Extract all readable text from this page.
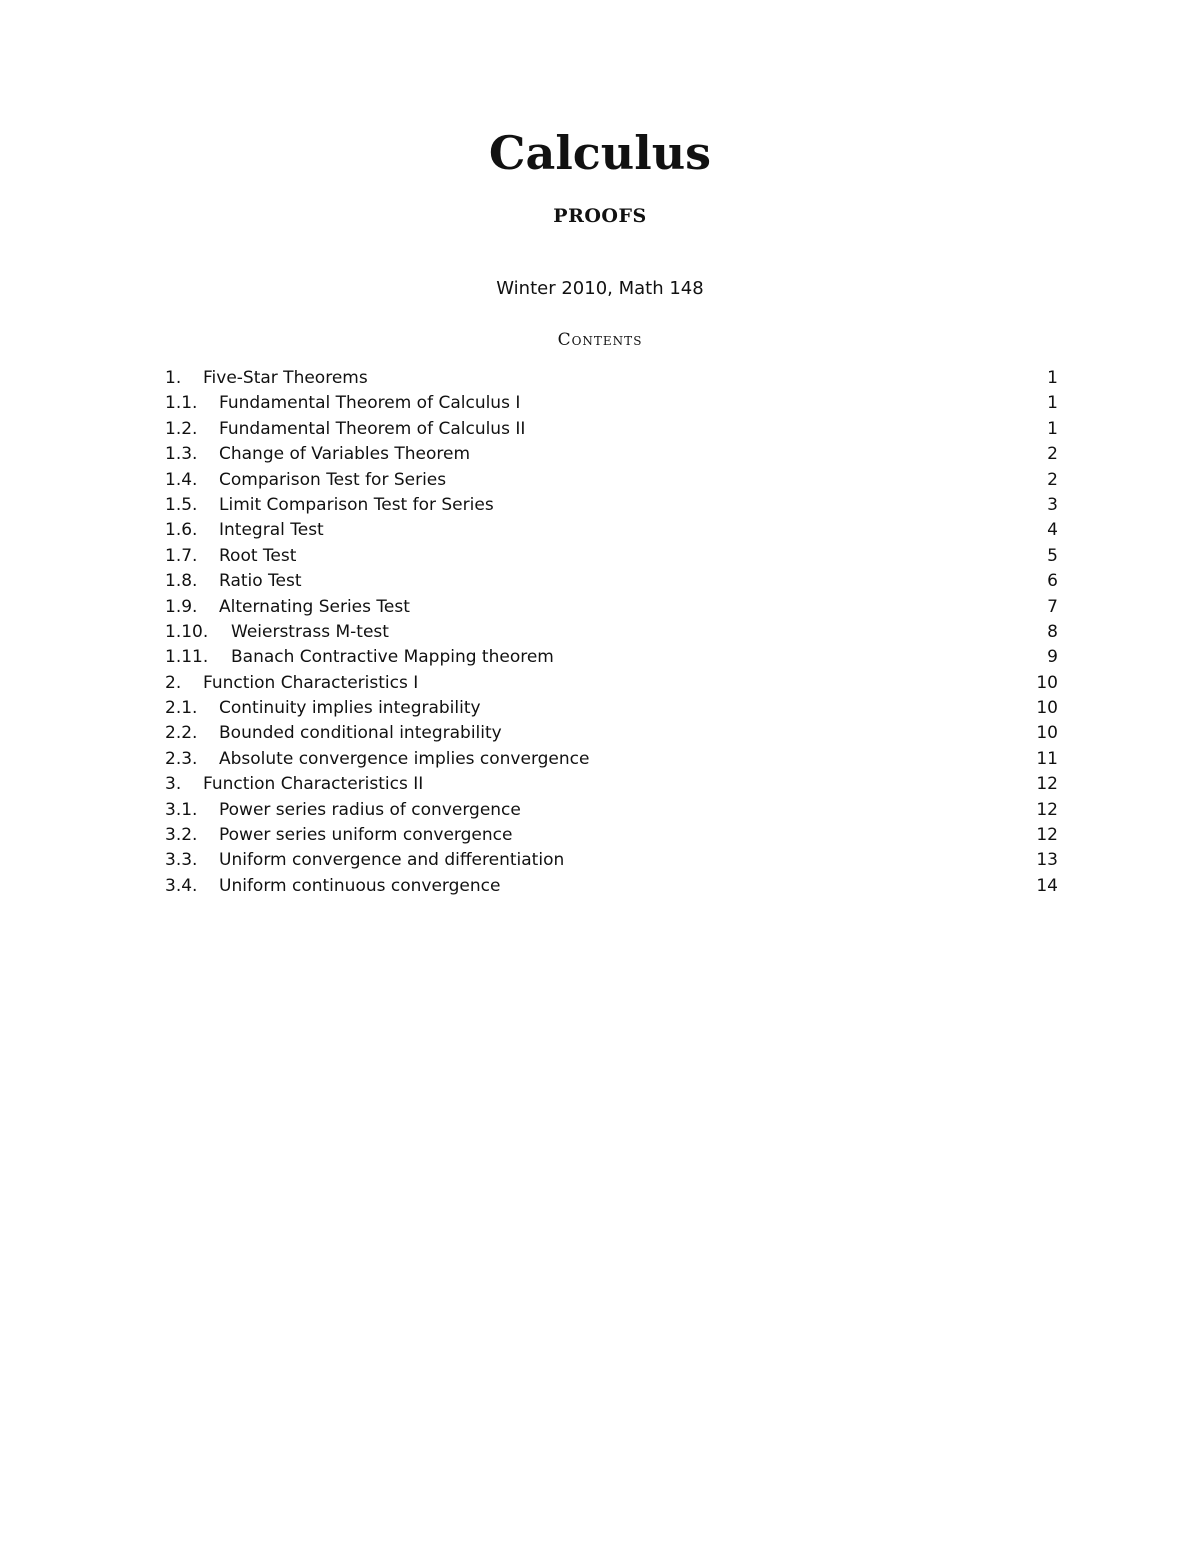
Calculus
PROOFS
Winter 2010, Math 148
Contents
1.	Five-Star Theorems	1
1.1.	Fundamental Theorem of Calculus I	1
1.2.	Fundamental Theorem of Calculus II	1
1.3.	Change of Variables Theorem	2
1.4.	Comparison Test for Series	2
1.5.	Limit Comparison Test for Series	3
1.6.	Integral Test	4
1.7.	Root Test	5
1.8.	Ratio Test	6
1.9.	Alternating Series Test	7
1.10.	Weierstrass M-test	8
1.11.	Banach Contractive Mapping theorem	9
2.	Function Characteristics I	10
2.1.	Continuity implies integrability	10
2.2.	Bounded conditional integrability	10
2.3.	Absolute convergence implies convergence	11
3.	Function Characteristics II	12
3.1.	Power series radius of convergence	12
3.2.	Power series uniform convergence	12
3.3.	Uniform convergence and differentiation	13
3.4.	Uniform continuous convergence	14
